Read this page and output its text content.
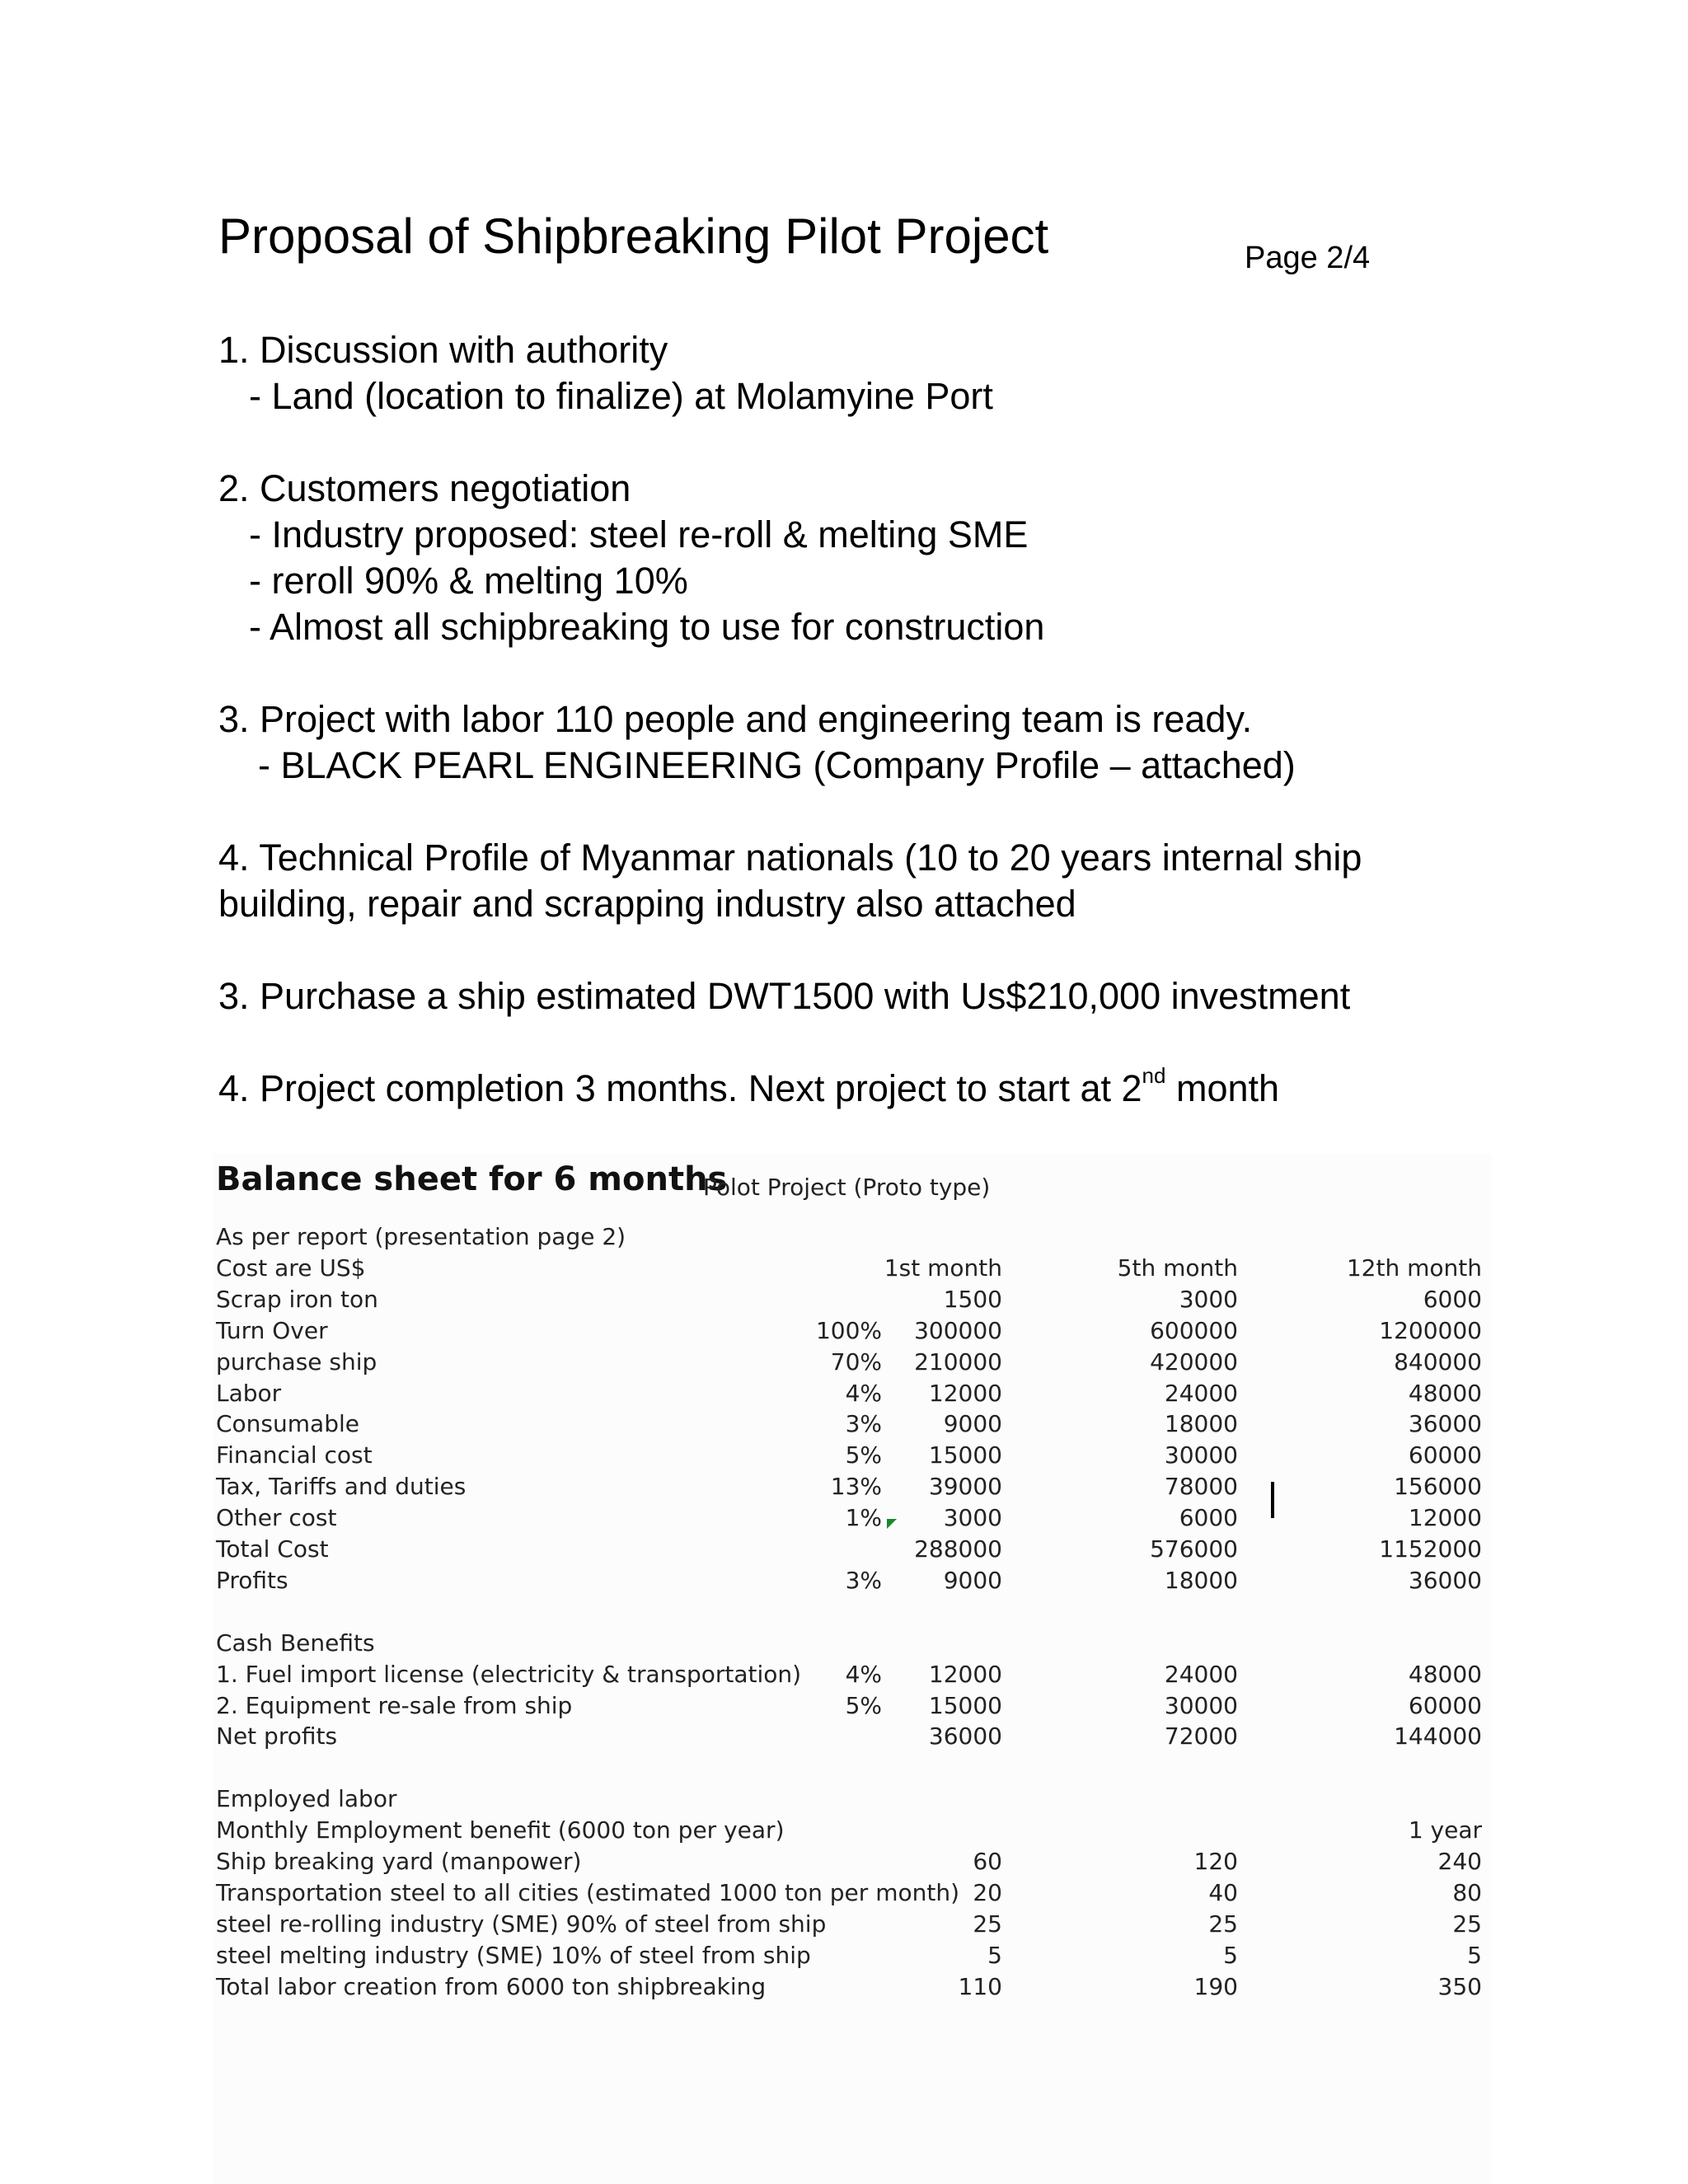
Proposal of Shipbreaking Pilot Project	Page 2/4
1. Discussion with authority
- Land (location to finalize) at Molamyine Port
2. Customers negotiation
- Industry proposed: steel re-roll & melting SME
- reroll 90% & melting 10%
- Almost all schipbreaking to use for construction
3. Project with labor 110 people and engineering team is ready.
- BLACK PEARL ENGINEERING (Company Profile – attached)
4. Technical Profile of Myanmar nationals (10 to 20 years internal ship
building, repair and scrapping industry also attached
3. Purchase a ship estimated DWT1500 with Us$210,000 investment
4. Project completion 3 months. Next project to start at 2nd month
Balance sheet for 6 months
Polot Project (Proto type)
As per report (presentation page 2)
Cost are US$	1st month	5th month	12th month
Scrap iron ton	1500	3000	6000
Turn Over	100% 300000	600000	1200000
purchase ship	70% 210000	420000	840000
Labor	4% 12000	24000	48000
Consumable	3%	9000	18000	36000
Financial cost	5% 15000	30000	60000
Tax, Tariffs and duties	13% 39000	78000	156000
Other cost	1%	3000	6000	12000
Total Cost	288000	576000	1152000
Profits	3%	9000	18000	36000
Cash Benefits
1. Fuel import license (electricity & transportation) 4% 12000	24000	48000
2. Equipment re-sale from ship	5% 15000	30000	60000
Net profits	36000	72000	144000
Employed labor
Monthly Employment benefit (6000 ton per year)	1 year
Ship breaking yard (manpower)	60	120	240
Transportation steel to all cities (estimated 1000 ton per month) 20	40	80
steel re-rolling industry (SME) 90% of steel from ship	25	25	25
steel melting industry (SME) 10% of steel from ship	5	5	5
Total labor creation from 6000 ton shipbreaking	110	190	350
